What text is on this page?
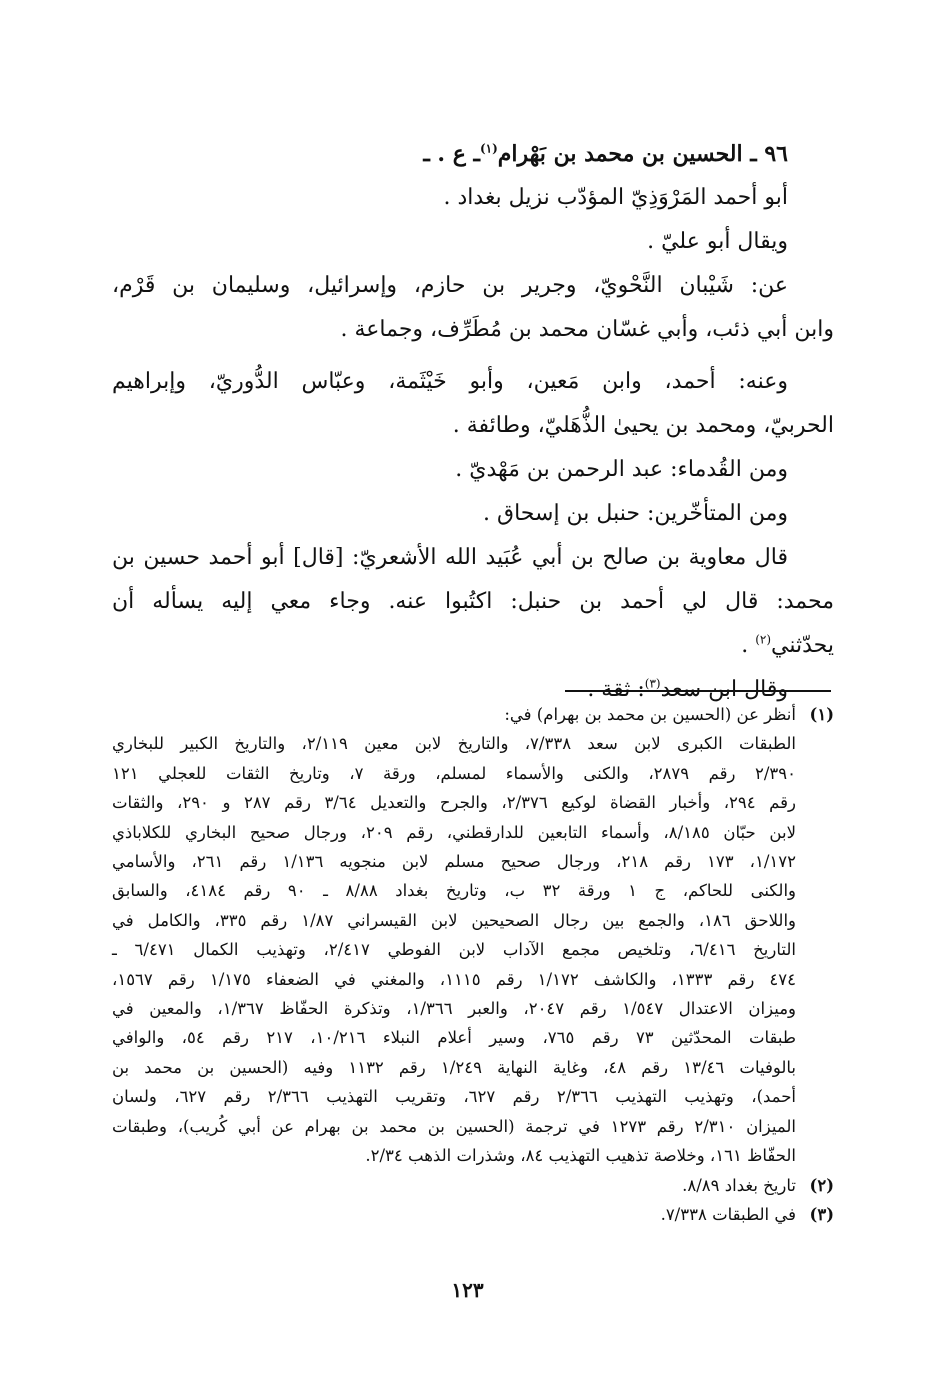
٩٦ ـ الحسين بن محمد بن بَهْرام$^{(١)}$ـ ع . ـ

أبو أحمد المَرْوَذِيّ المؤدّب نزيل بغداد .

ويقال أبو عليّ .

عن: شَيْبان النَّحْويّ، وجرير بن حازم، وإسرائيل، وسليمان بن قَرْم،

وابن أبي ذئب، وأبي غسّان محمد بن مُطَرِّف، وجماعة .

وعنه: أحمد، وابن مَعين، وأبو خَيْثَمة، وعبّاس الدُّوريّ، وإبراهيم

الحربيّ، ومحمد بن يحيىٰ الذُّهَليّ، وطائفة .

ومن القُدماء: عبد الرحمن بن مَهْديّ .

ومن المتأخّرين: حنبل بن إسحاق .

قال معاوية بن صالح بن أبي عُبَيد الله الأشعريّ: [قال] أبو أحمد حسين بن

محمد: قال لي أحمد بن حنبل: اكتُبوا عنه. وجاء معي إليه يسأله أن

يحدّثني$^{(٢)}$ .

وقال ابن سعد$^{(٣)}$: ثقة .

(١)
أنظر عن (الحسين بن محمد بن بهرام) في:
الطبقات الكبرى لابن سعد ٧/٣٣٨، والتاريخ لابن معين ٢/١١٩، والتاريخ الكبير للبخاري
٢/٣٩٠ رقم ٢٨٧٩، والكنى والأسماء لمسلم، ورقة ٧، وتاريخ الثقات للعجلي ١٢١
رقم ٢٩٤، وأخبار القضاة لوكيع ٢/٣٧٦، والجرح والتعديل ٣/٦٤ رقم ٢٨٧ و ٢٩٠، والثقات
لابن حبّان ٨/١٨٥، وأسماء التابعين للدارقطني، رقم ٢٠٩، ورجال صحيح البخاري للكلاباذي
١/١٧٢، ١٧٣ رقم ٢١٨، ورجال صحيح مسلم لابن منجويه ١/١٣٦ رقم ٢٦١، والأسامي
والكنى للحاكم، ج ١ ورقة ٣٢ ب، وتاريخ بغداد ٨/٨٨ ـ ٩٠ رقم ٤١٨٤، والسابق
واللاحق ١٨٦، والجمع بين رجال الصحيحين لابن القيسراني ١/٨٧ رقم ٣٣٥، والكامل في
التاريخ ٦/٤١٦، وتلخيص مجمع الآداب لابن الفوطي ٢/٤١٧، وتهذيب الكمال ٦/٤٧١ ـ
٤٧٤ رقم ١٣٣٣، والكاشف ١/١٧٢ رقم ١١١٥، والمغني في الضعفاء ١/١٧٥ رقم ١٥٦٧،
وميزان الاعتدال ١/٥٤٧ رقم ٢٠٤٧، والعبر ١/٣٦٦، وتذكرة الحفّاظ ١/٣٦٧، والمعين في
طبقات المحدّثين ٧٣ رقم ٧٦٥، وسير أعلام النبلاء ١٠/٢١٦، ٢١٧ رقم ٥٤، والوافي
بالوفيات ١٣/٤٦ رقم ٤٨، وغاية النهاية ١/٢٤٩ رقم ١١٣٢ وفيه (الحسين بن محمد بن
أحمد)، وتهذيب التهذيب ٢/٣٦٦ رقم ٦٢٧، وتقريب التهذيب ٢/٣٦٦ رقم ٦٢٧، ولسان
الميزان ٢/٣١٠ رقم ١٢٧٣ في ترجمة (الحسين بن محمد بن بهرام عن أبي كُريب)، وطبقات
الحفّاظ ١٦١، وخلاصة تذهيب التهذيب ٨٤، وشذرات الذهب ٢/٣٤.
(٢)
تاريخ بغداد ٨/٨٩.
(٣)
في الطبقات ٧/٣٣٨.
١٢٣
